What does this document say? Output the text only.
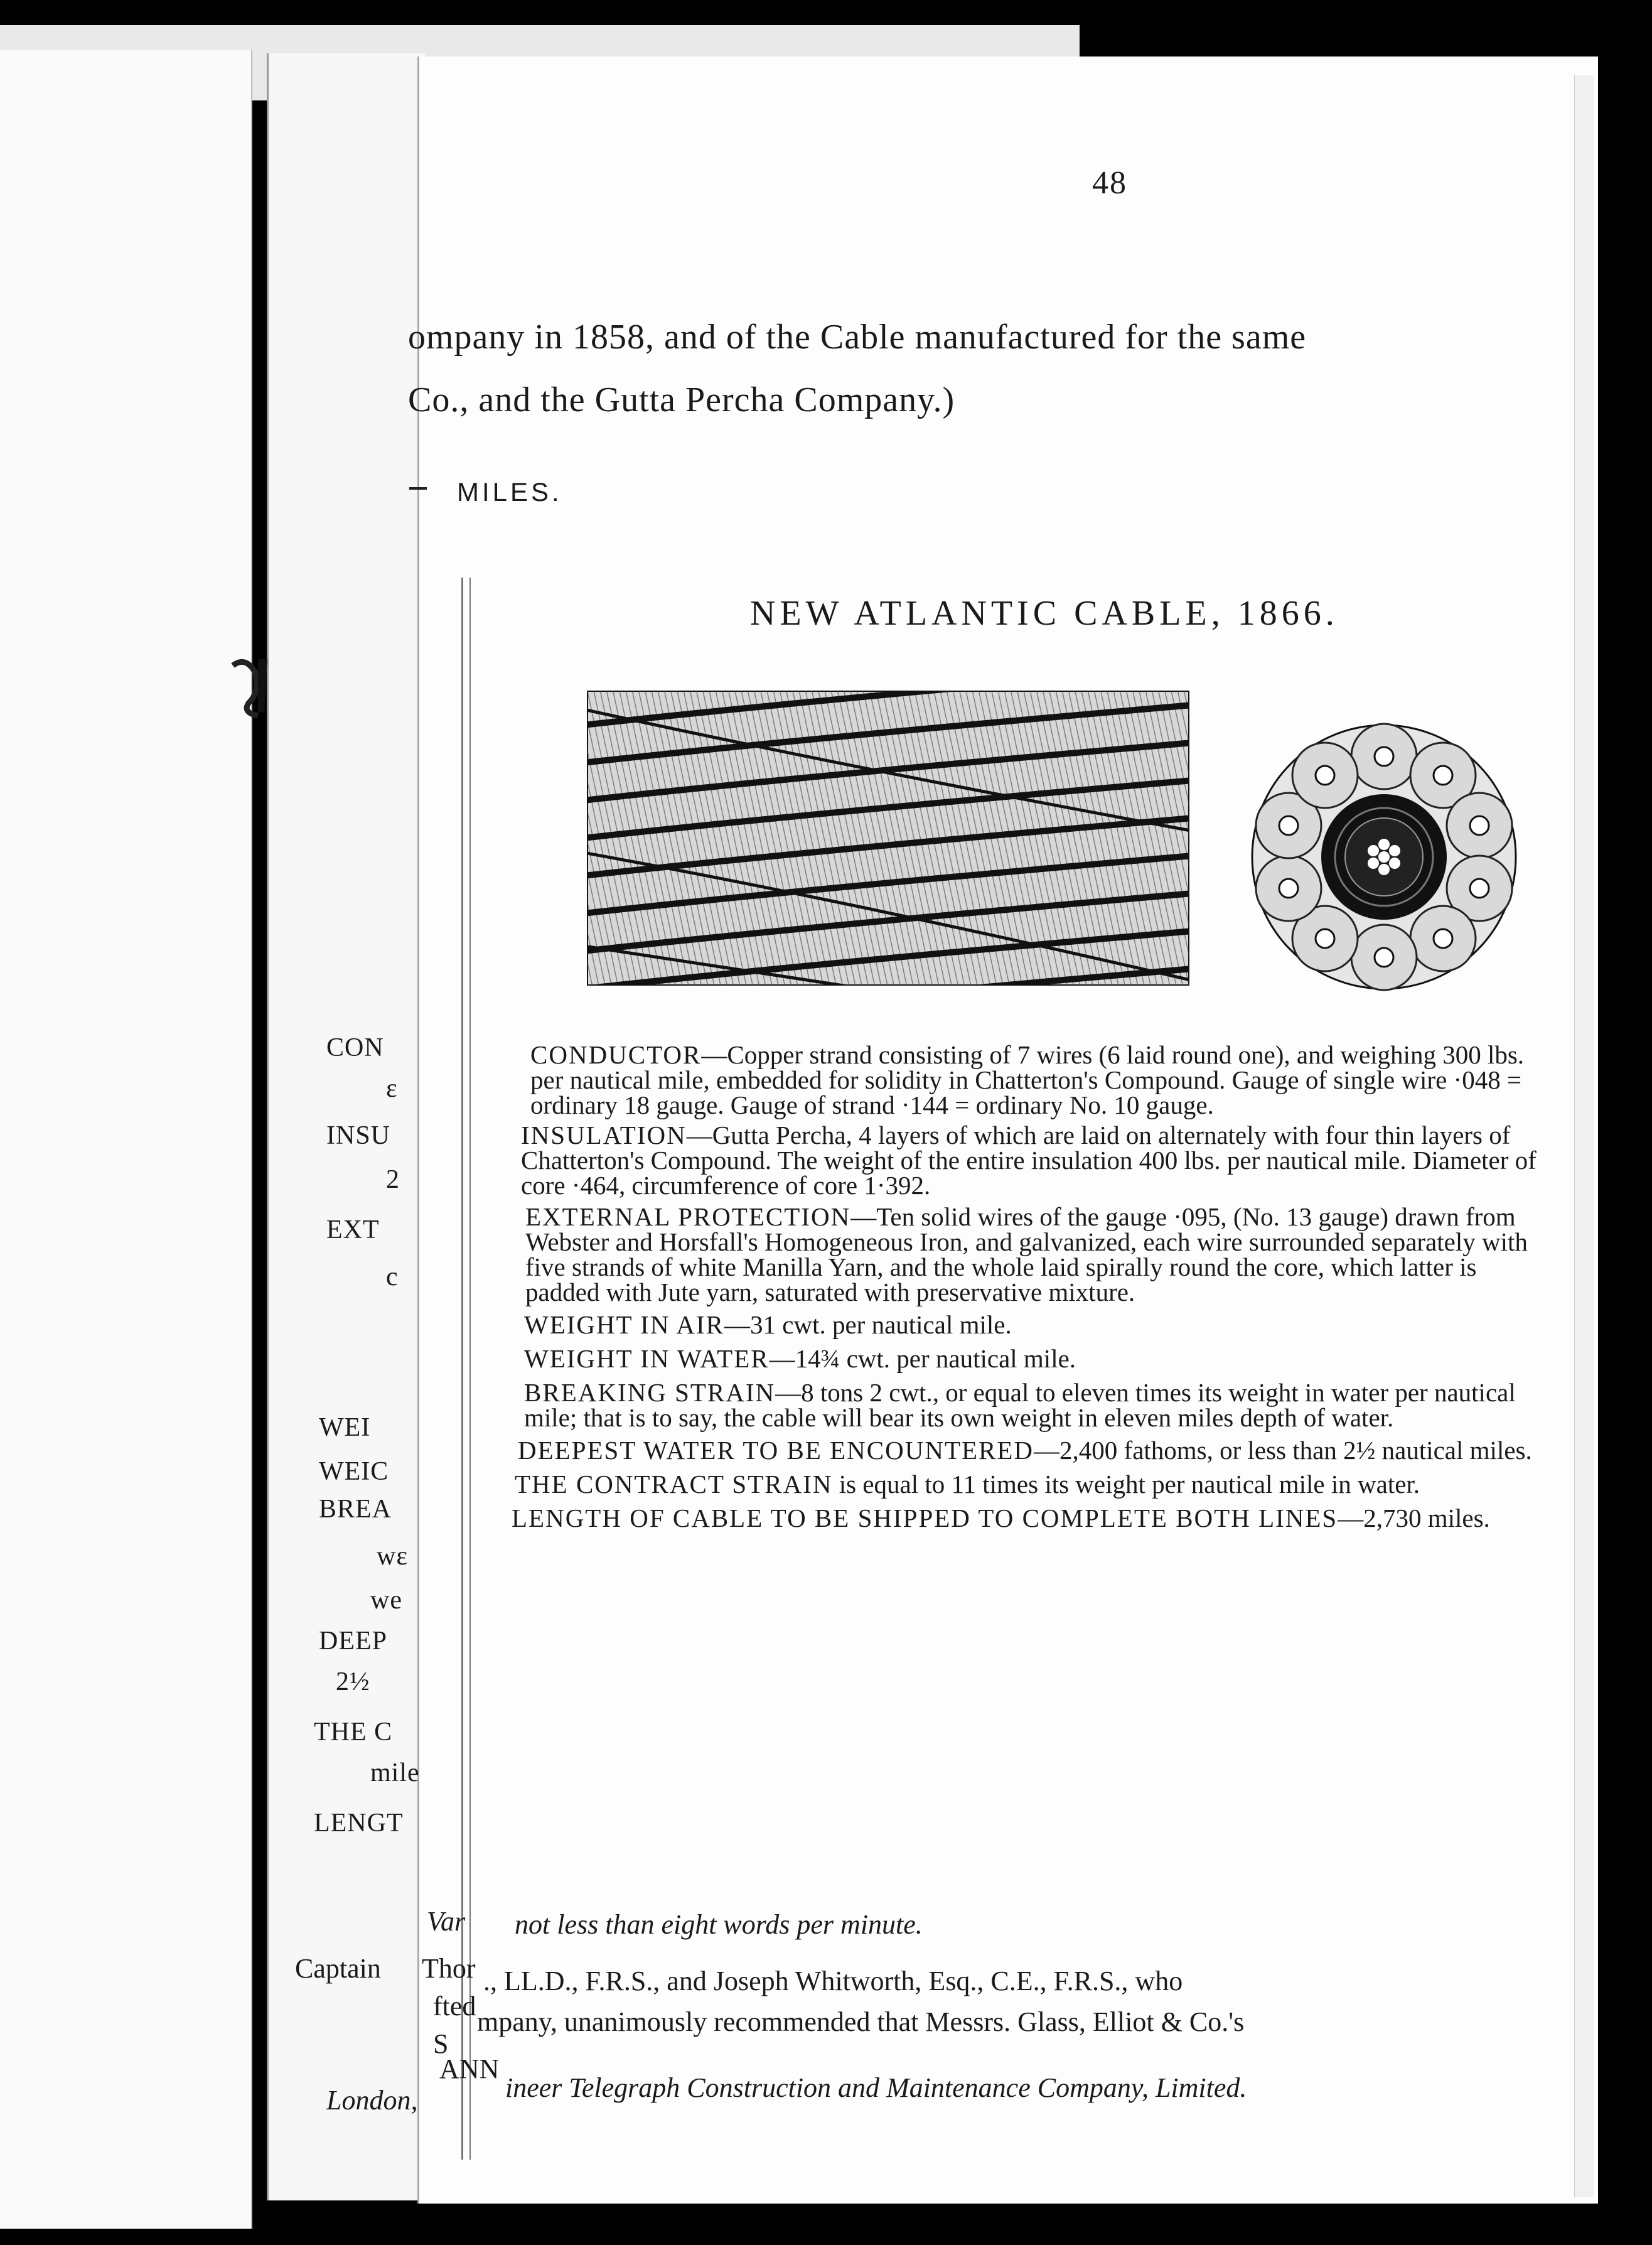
48
ompany in 1858, and of the Cable manufactured for the same
Co., and the Gutta Percha Company.)
MILES.
NEW ATLANTIC CABLE, 1866.
CON
ɛ
INSU
2
EXT
c
WEI
WEIC
BREA
wɛ
we
DEEP
2½
THE C
mile
LENGT

CONDUCTOR—Copper strand consisting of 7 wires (6 laid round one), and weighing 300 lbs. per nautical mile, embedded for solidity in Chatterton's Compound. Gauge of single wire ·048 = ordinary 18 gauge. Gauge of strand ·144 = ordinary No. 10 gauge.

INSULATION—Gutta Percha, 4 layers of which are laid on alternately with four thin layers of Chatterton's Compound. The weight of the entire insulation 400 lbs. per nautical mile. Diameter of core ·464, circumference of core 1·392.

EXTERNAL PROTECTION—Ten solid wires of the gauge ·095, (No. 13 gauge) drawn from Webster and Horsfall's Homogeneous Iron, and galvanized, each wire surrounded separately with five strands of white Manilla Yarn, and the whole laid spirally round the core, which latter is padded with Jute yarn, saturated with preservative mixture.

WEIGHT IN AIR—31 cwt. per nautical mile.

WEIGHT IN WATER—14¾ cwt. per nautical mile.

BREAKING STRAIN—8 tons 2 cwt., or equal to eleven times its weight in water per nautical mile; that is to say, the cable will bear its own weight in eleven miles depth of water.

DEEPEST WATER TO BE ENCOUNTERED—2,400 fathoms, or less than 2½ nautical miles.

THE CONTRACT STRAIN is equal to 11 times its weight per nautical mile in water.

LENGTH OF CABLE TO BE SHIPPED TO COMPLETE BOTH LINES—2,730 miles.

Var not less than eight words per minute.
Captain Thor ., LL.D., F.R.S., and Joseph Whitworth, Esq., C.E., F.R.S., who
fted
S
mpany, unanimously recommended that Messrs. Glass, Elliot & Co.'s
London,
ANN
ineer Telegraph Construction and Maintenance Company, Limited.
